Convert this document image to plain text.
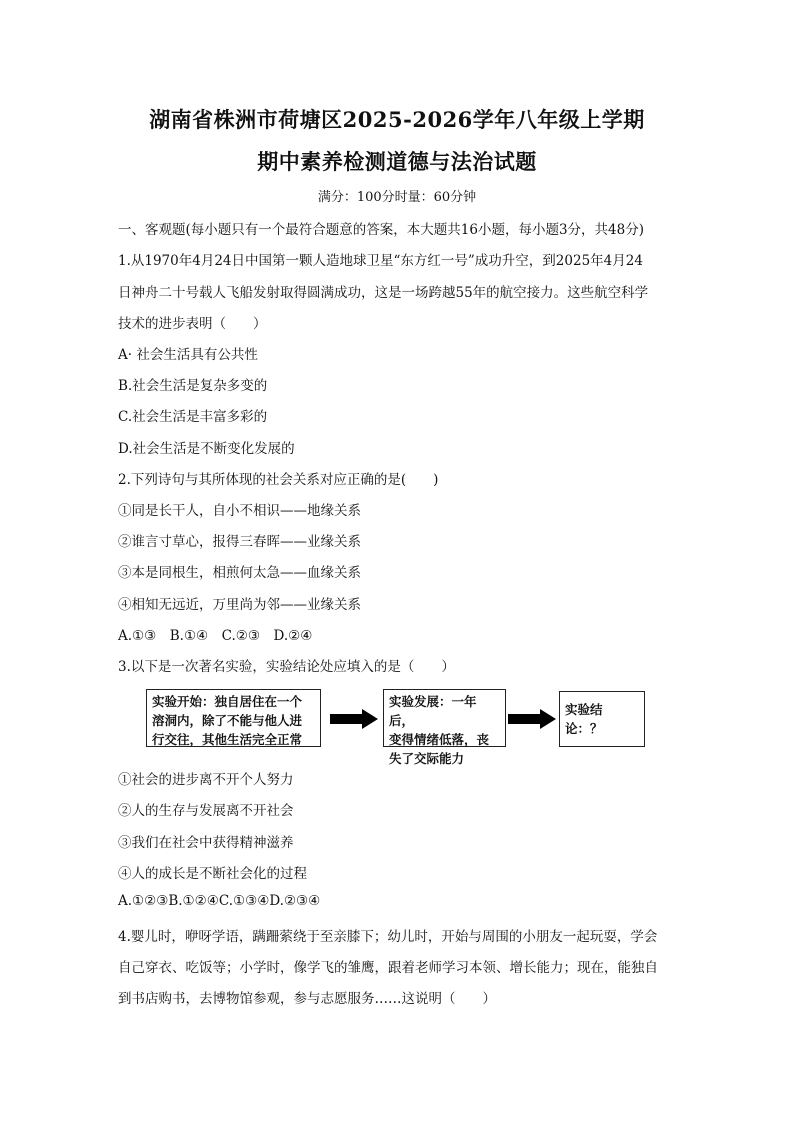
湖南省株洲市荷塘区2025-2026学年八年级上学期
期中素养检测道德与法治试题
满分：100分时量：60分钟
一、客观题(每小题只有一个最符合题意的答案，本大题共16小题，每小题3分，共48分)
1.从1970年4月24日中国第一颗人造地球卫星“东方红一号”成功升空，到2025年4月24
日神舟二十号载人飞船发射取得圆满成功，这是一场跨越55年的航空接力。这些航空科学
技术的进步表明（　　）
A· 社会生活具有公共性
B.社会生活是复杂多变的
C.社会生活是丰富多彩的
D.社会生活是不断变化发展的
2.下列诗句与其所体现的社会关系对应正确的是(　　)
①同是长干人，自小不相识——地缘关系
②谁言寸草心，报得三春晖——业缘关系
③本是同根生，相煎何太急——血缘关系
④相知无远近，万里尚为邻——业缘关系
A.①③　B.①④　C.②③　D.②④
3.以下是一次著名实验，实验结论处应填入的是（　　）
实验开始：独自居住在一个
溶洞内，除了不能与他人进
行交往，其他生活完全正常
实验发展：一年后，
变得情绪低落，丧
失了交际能力
实验结论：？
①社会的进步离不开个人努力
②人的生存与发展离不开社会
③我们在社会中获得精神滋养
④人的成长是不断社会化的过程
A.①②③B.①②④C.①③④D.②③④
4.婴儿时，咿呀学语，蹒跚萦绕于至亲膝下；幼儿时，开始与周围的小朋友一起玩耍，学会
自己穿衣、吃饭等；小学时，像学飞的雏鹰，跟着老师学习本领、增长能力；现在，能独自
到书店购书，去博物馆参观，参与志愿服务……这说明（　　）
